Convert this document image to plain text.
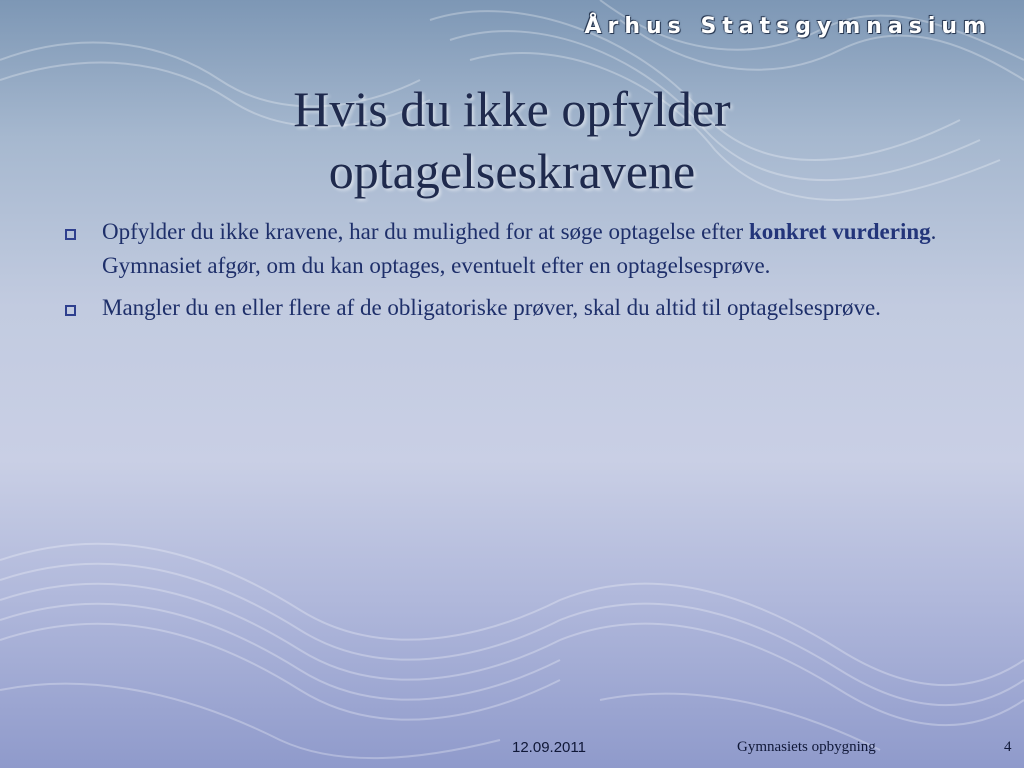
Århus Statsgymnasium
Hvis du ikke opfylder
optagelseskravene
Opfylder du ikke kravene, har du mulighed for at søge optagelse efter konkret vurdering. Gymnasiet afgør, om du kan optages, eventuelt efter en optagelsesprøve.
Mangler du en eller flere af de obligatoriske prøver, skal du altid til optagelsesprøve.
12.09.2011	Gymnasiets opbygning	4
